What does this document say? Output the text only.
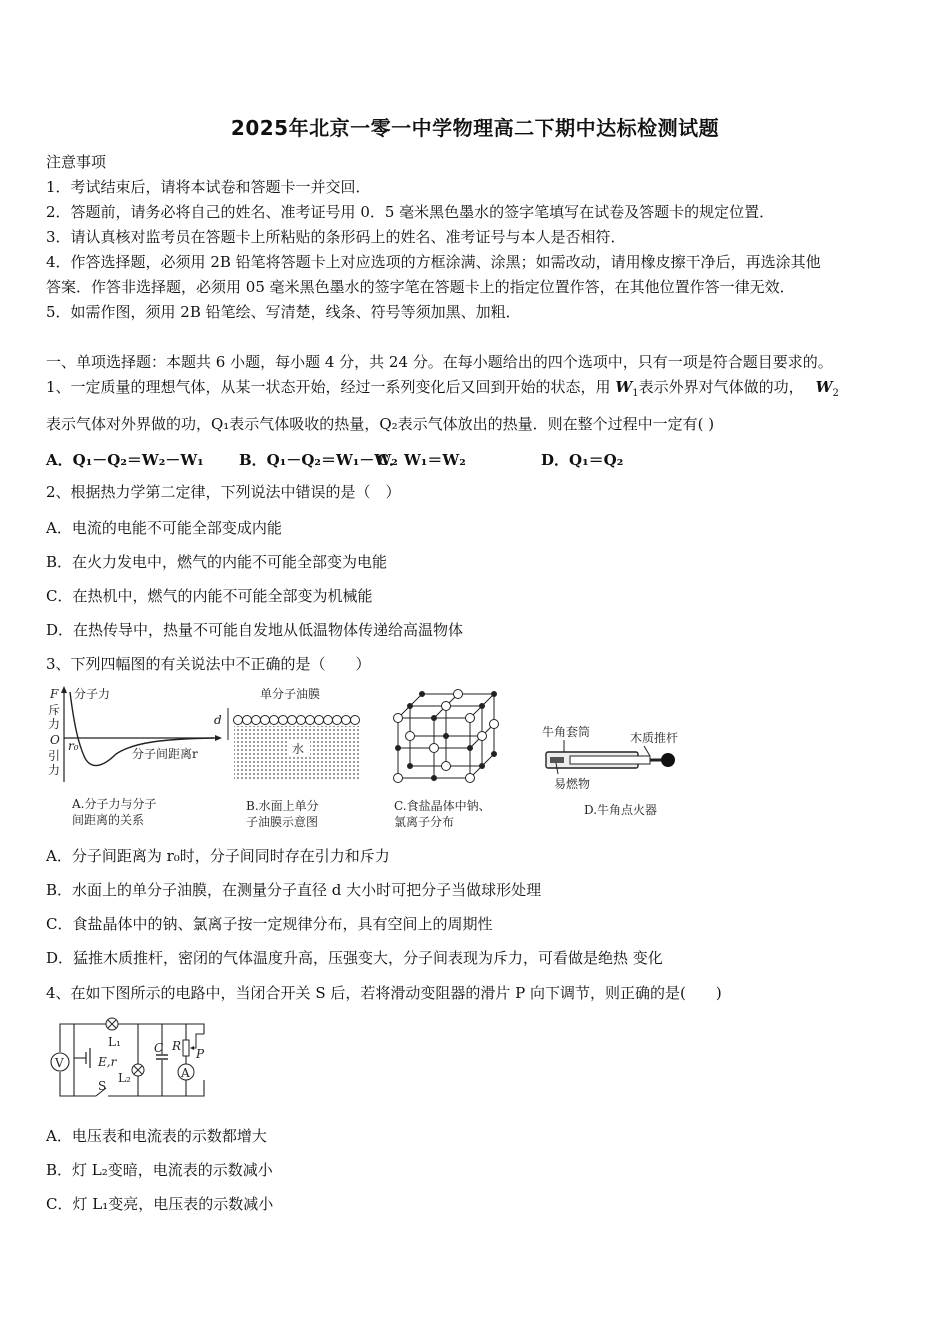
2025年北京一零一中学物理高二下期中达标检测试题
注意事项
1．考试结束后，请将本试卷和答题卡一并交回．
2．答题前，请务必将自己的姓名、准考证号用 0．5 毫米黑色墨水的签字笔填写在试卷及答题卡的规定位置．
3．请认真核对监考员在答题卡上所粘贴的条形码上的姓名、准考证号与本人是否相符．
4．作答选择题，必须用 2B 铅笔将答题卡上对应选项的方框涂满、涂黑；如需改动，请用橡皮擦干净后，再选涂其他
答案．作答非选择题，必须用 05 毫米黑色墨水的签字笔在答题卡上的指定位置作答，在其他位置作答一律无效．
5．如需作图，须用 2B 铅笔绘、写清楚，线条、符号等须加黑、加粗．
一、单项选择题：本题共 6 小题，每小题 4 分，共 24 分。在每小题给出的四个选项中，只有一项是符合题目要求的。
1、一定质量的理想气体，从某一状态开始，经过一系列变化后又回到开始的状态，用 $W_1$表示外界对气体做的功， $W_2$
表示气体对外界做的功，Q₁表示气体吸收的热量，Q₂表示气体放出的热量．则在整个过程中一定有( )
A．Q₁－Q₂＝W₂－W₁ B．Q₁－Q₂＝W₁－W₂
C．W₁＝W₂	D．Q₁＝Q₂
2、根据热力学第二定律，下列说法中错误的是（　）
A．电流的电能不可能全部变成内能
B．在火力发电中，燃气的内能不可能全部变为电能
C．在热机中，燃气的内能不可能全部变为机械能
D．在热传导中，热量不可能自发地从低温物体传递给高温物体
3、下列四幅图的有关说法中不正确的是（　　）
F 分子力
斥
力
O r₀
分子间距离r
引
力
A.分子力与分子
间距离的关系
单分子油膜
d
水
B.水面上单分
子油膜示意图
C.食盐晶体中钠、
氯离子分布
牛角套筒	木质推杆
易燃物
D.牛角点火器
A．分子间距离为 r₀时，分子间同时存在引力和斥力
B．水面上的单分子油膜，在测量分子直径 d 大小时可把分子当做球形处理
C．食盐晶体中的钠、氯离子按一定规律分布，具有空间上的周期性
D．猛推木质推杆，密闭的气体温度升高，压强变大，分子间表现为斥力，可看做是绝热 变化
4、在如下图所示的电路中，当闭合开关 S 后，若将滑动变阻器的滑片 P 向下调节，则正确的是(　　)
V
L₁
E,r
L₂
C R
P
A
S
A．电压表和电流表的示数都增大
B．灯 L₂变暗，电流表的示数减小
C．灯 L₁变亮，电压表的示数减小
